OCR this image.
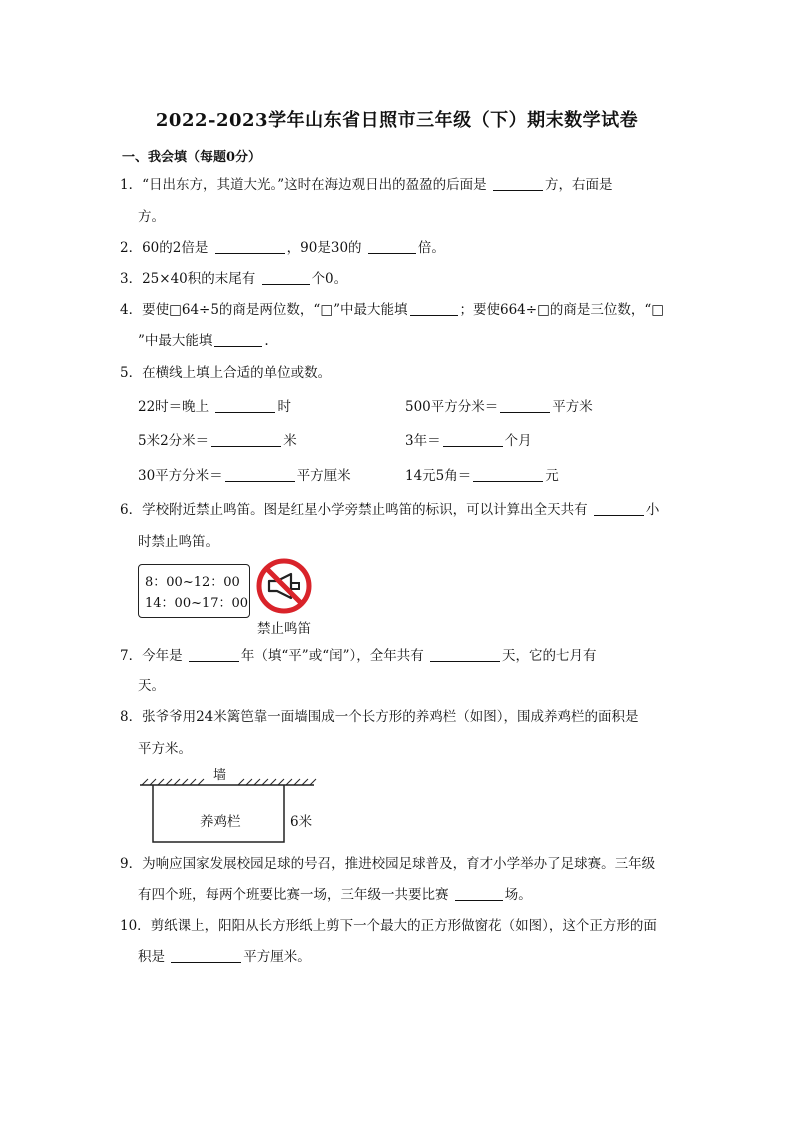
2022-2023学年山东省日照市三年级（下）期末数学试卷
一、我会填（每题0分）
1．“日出东方，其道大光。”这时在海边观日出的盈盈的后面是	方，右面是
方。
2．60的2倍是	，90是30的	倍。
3．25×40积的末尾有	个0。
4．要使□64÷5的商是两位数，“□”中最大能填	；要使664÷□的商是三位数，“□
”中最大能填	.
5．在横线上填上合适的单位或数。
22时＝晚上	时	500平方分米＝	平方米
5米2分米＝	米	3年＝	个月
30平方分米＝	平方厘米	14元5角＝	元
6．学校附近禁止鸣笛。图是红星小学旁禁止鸣笛的标识，可以计算出全天共有	小
时禁止鸣笛。
8：00~12：00
14：00~17：00
禁止鸣笛
7．今年是	年（填“平”或“闰”），全年共有	天，它的七月有
天。
8．张爷爷用24米篱笆靠一面墙围成一个长方形的养鸡栏（如图），围成养鸡栏的面积是
平方米。
墙
养鸡栏	6米
9．为响应国家发展校园足球的号召，推进校园足球普及，育才小学举办了足球赛。三年级
有四个班，每两个班要比赛一场，三年级一共要比赛	场。
10．剪纸课上，阳阳从长方形纸上剪下一个最大的正方形做窗花（如图），这个正方形的面
积是	平方厘米。
